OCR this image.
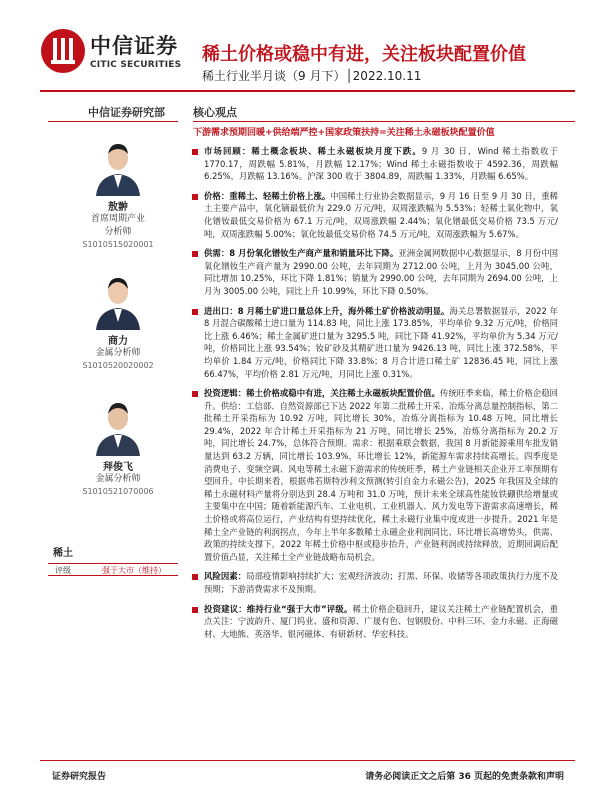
中信证券
CITIC SECURITIES 稀土价格或稳中有进，关注板块配置价值
稀土行业半月谈（9 月下）│2022.10.11
中信证券研究部	核心观点
敖翀
首席周期产业
分析师
S1010515020001
商力
金属分析师
S1010520020002
拜俊飞
金属分析师
S1010521070006
稀土
评级	强于大市（维持）
下游需求预期回暖+供给端严控+国家政策扶持=关注稀土永磁板块配置价值
市场回顾：稀土概念板块、稀土永磁板块月度下跌。9 月 30 日，Wind 稀土指数收于 1770.17，周跌幅 5.81%，月跌幅 12.17%；Wind 稀土永磁指数收于 4592.36，周跌幅 6.25%，月跌幅 13.16%。沪深 300 收于 3804.89，周跌幅 1.33%，月跌幅 6.65%。
价格：重稀土、轻稀土价格上涨。中国稀土行业协会数据显示，9 月 16 日至 9 月 30 日，重稀土主要产品中，氧化镝最低价为 229.0 万元/吨，双周涨跌幅为 5.53%；轻稀土氧化物中，氧化镨钕最低交易价格为 67.1 万元/吨，双周涨跌幅 2.44%；氧化镨最低交易价格 73.5 万元/吨，双周涨跌幅 5.00%；氧化钕最低交易价格 74.5 万元/吨，双周涨跌幅为 5.67%。
供需：8 月份氧化镨钕生产商产量和销量环比下降。亚洲金属网数据中心数据显示，8 月份中国氧化镨钕生产商产量为 2990.00 公吨，去年同期为 2712.00 公吨，上月为 3045.00 公吨，同比增加 10.25%，环比下降 1.81%；销量为 2990.00 公吨，去年同期为 2694.00 公吨，上月为 3005.00 公吨，同比上升 10.99%，环比下降 0.50%。
进出口：8 月稀土矿进口量总体上升，海外稀土矿价格波动明显。海关总署数据显示，2022 年 8 月混合碳酸稀土进口量为 114.83 吨，同比上涨 173.85%，平均单价 9.32 万元/吨，价格同比上涨 6.46%；稀土金属矿进口量为 3295.5 吨，同比下降 41.92%，平均单价为 5.34 万元/吨，价格同比上涨 93.54%；钕矿砂及其精矿进口量为 9426.13 吨，同比上涨 372.58%，平均单价 1.84 万元/吨，价格同比下降 33.8%；8 月合计进口稀土矿 12836.45 吨，同比上涨 66.47%，平均价格 2.81 万元/吨，月同比上涨 0.31%。
投资逻辑：稀土价格或稳中有进，关注稀土永磁板块配置价值。传统旺季来临，稀土价格企稳回升。供给：工信部、自然资源部已下达 2022 年第二批稀土开采、冶炼分离总量控制指标，第二批稀土开采指标为 10.92 万吨，同比增长 30%，冶炼分离指标为 10.48 万吨，同比增长 29.4%，2022 年合计稀土开采指标为 21 万吨，同比增长 25%，冶炼分离指标为 20.2 万吨，同比增长 24.7%，总体符合预期。需求：根据乘联会数据，我国 8 月新能源乘用车批发销量达到 63.2 万辆，同比增长 103.9%，环比增长 12%，新能源车需求持续高增长。四季度是消费电子、变频空调、风电等稀土永磁下游需求的传统旺季，稀土产业链相关企业开工率预期有望回升。中长期来看，根据弗若斯特沙利文预测(转引自金力永磁公告)，2025 年我国及全球的稀土永磁材料产量将分别达到 28.4 万吨和 31.0 万吨，预计未来全球高性能钕铁硼供给增量或主要集中在中国；随着新能源汽车、工业电机、工业机器人、风力发电等下游需求高速增长，稀土价格或将高位运行，产业结构有望持续优化，稀土永磁行业集中度或进一步提升。2021 年是稀土全产业链的利润拐点，今年上半年多数稀土永磁企业利润同比、环比增长高增势头，供需、政策的持续支撑下，2022 年稀土价格中枢或稳步抬升，产业链利润或持续释放，近期回调后配置价值凸显，关注稀土全产业链战略布局机会。
风险因素：局部疫情影响持续扩大；宏观经济波动；打黑、环保、收储等各项政策执行力度不及预期；下游消费需求不及预期。
投资建议：维持行业“强于大市”评级。稀土价格企稳回升，建议关注稀土产业链配置机会，重点关注：宁波韵升、厦门钨业、盛和资源、广晟有色、包钢股份、中科三环、金力永磁、正海磁材、大地熊、英洛华、银河磁体、有研新材、华宏科技。
证券研究报告	请务必阅读正文之后第 36 页起的免责条款和声明
